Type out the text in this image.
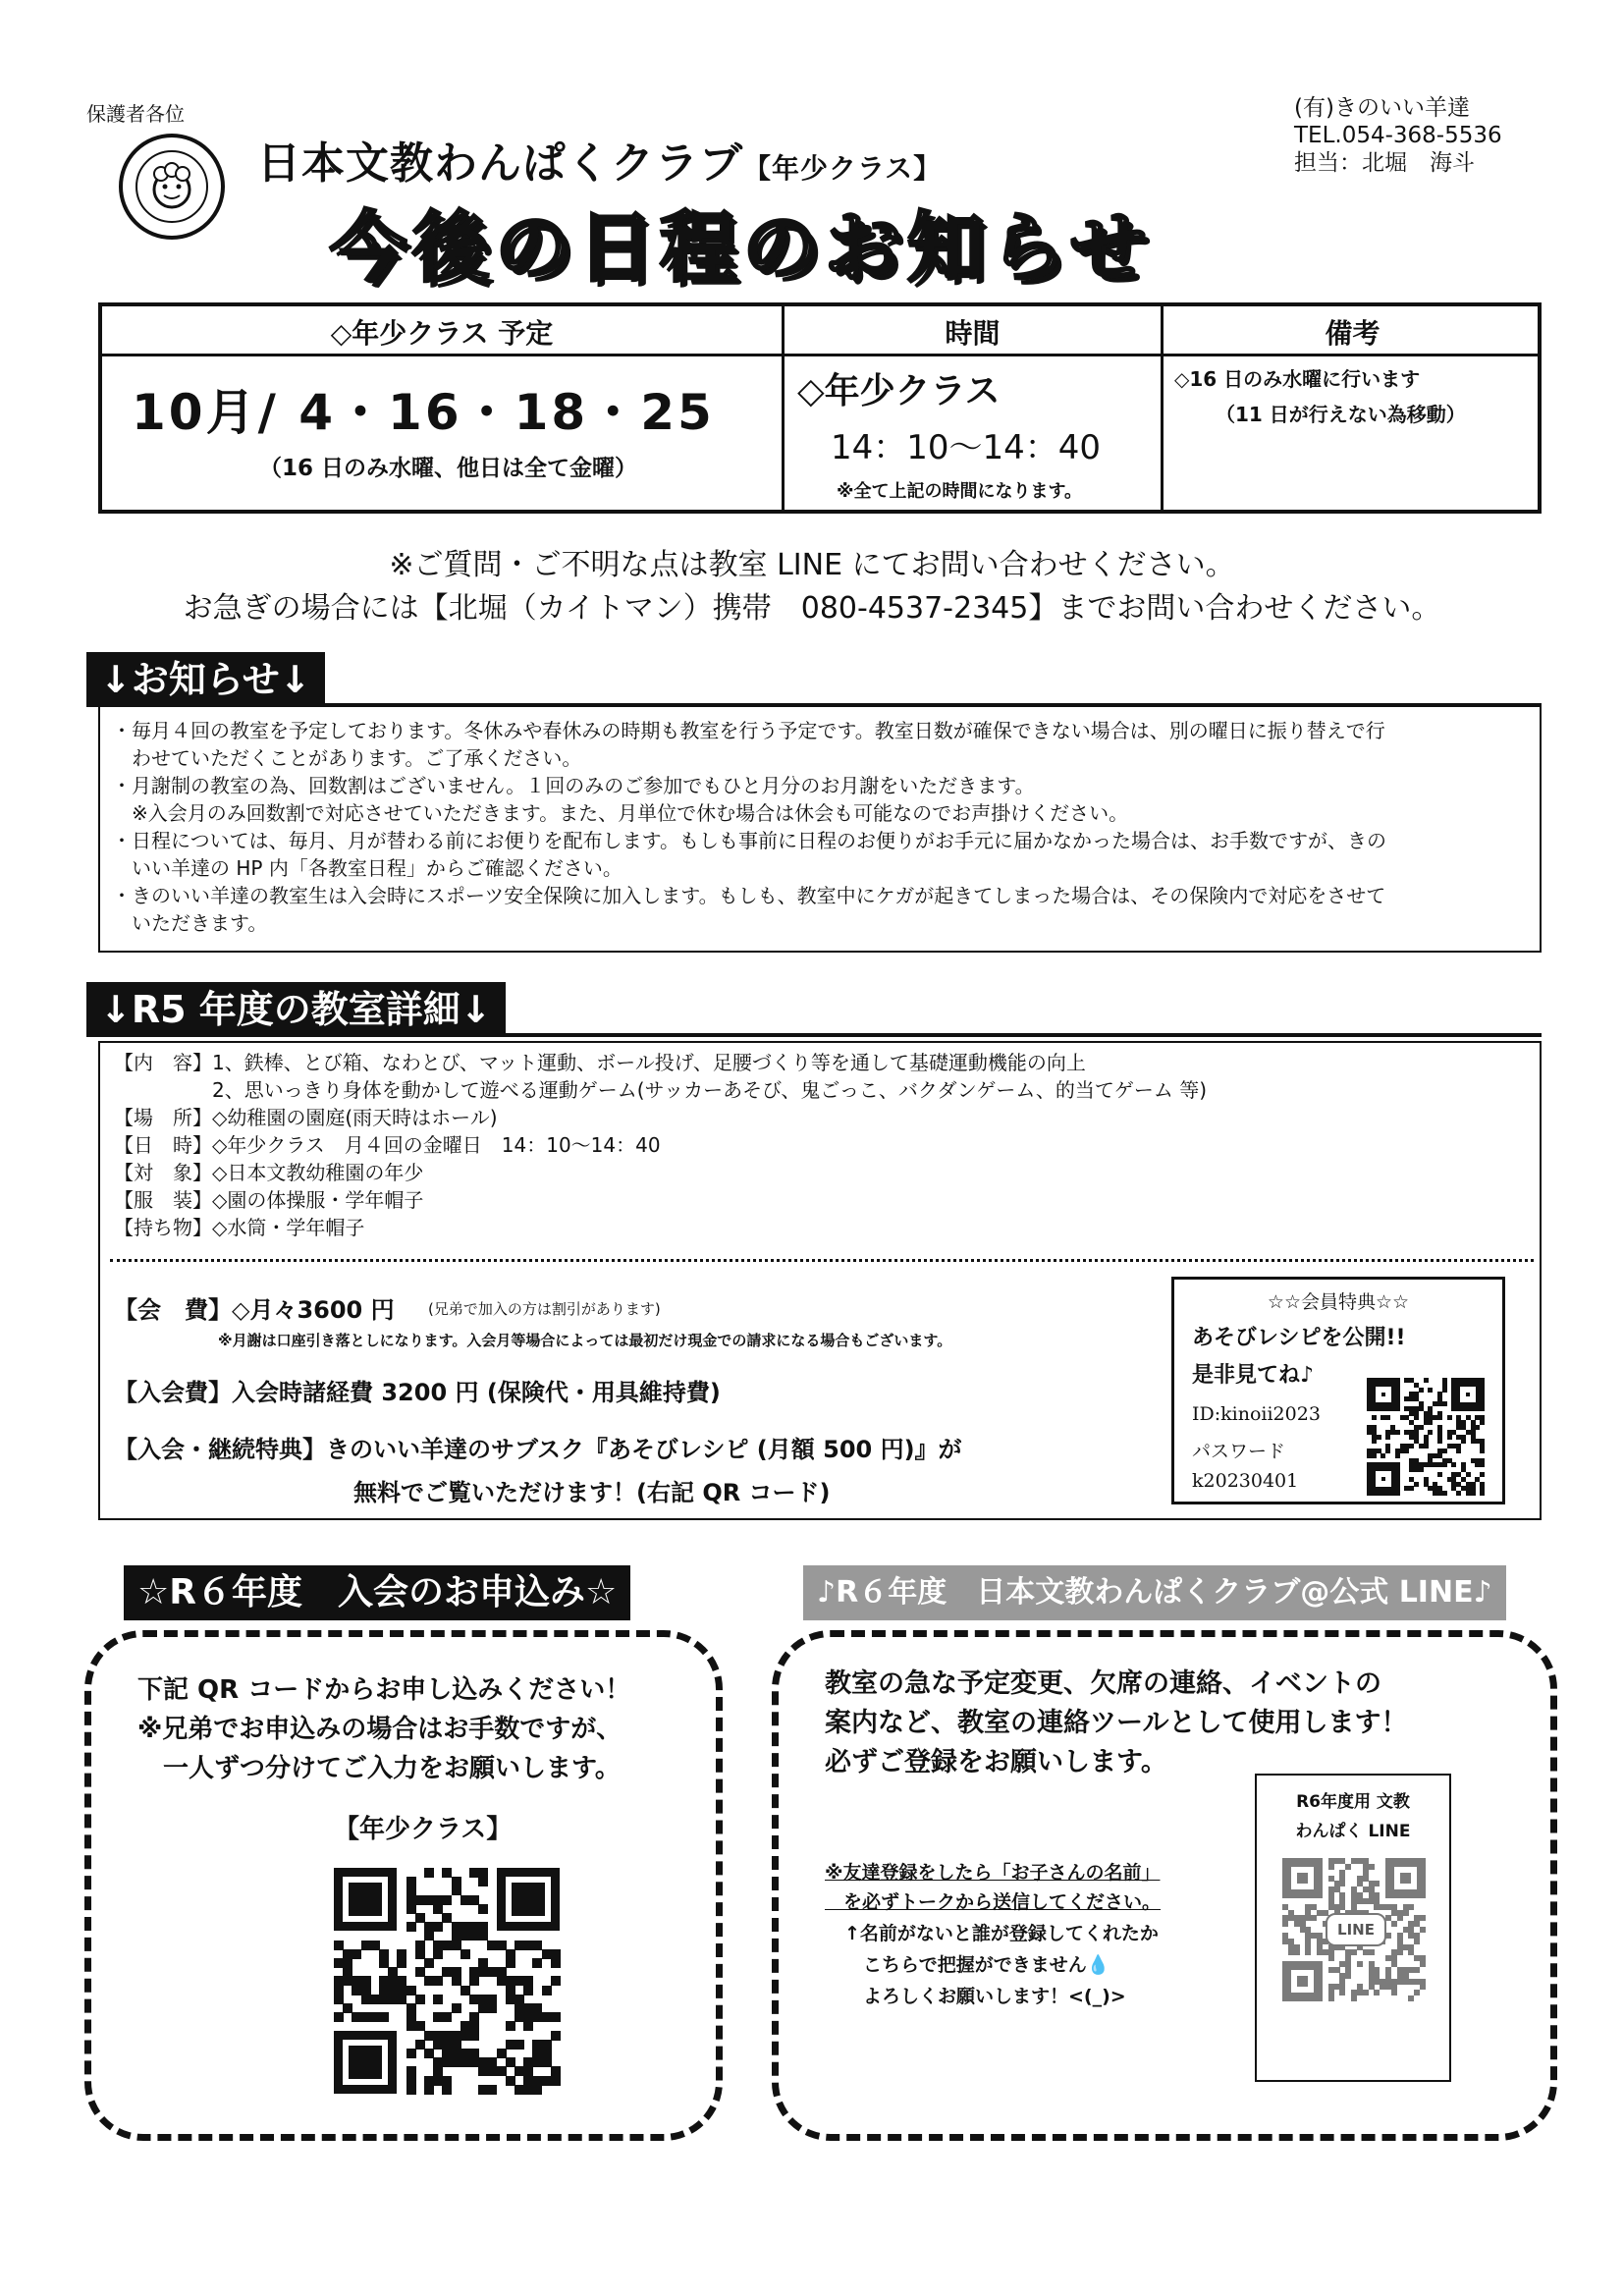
保護者各位
日本文教わんぱくクラブ【年少クラス】
今後の日程のお知らせ
(有)きのいい羊達
TEL.054-368-5536
担当：北堀　海斗
◇年少クラス 予定	時間	備考
10月/ 4・16・18・25
（16 日のみ水曜、他日は全て金曜）
◇年少クラス
14：10～14：40
※全て上記の時間になります。
◇16 日のみ水曜に行います
（11 日が行えない為移動）
※ご質問・ご不明な点は教室 LINE にてお問い合わせください。
お急ぎの場合には【北堀（カイトマン）携帯　080-4537-2345】までお問い合わせください。
↓お知らせ↓
・毎月４回の教室を予定しております。冬休みや春休みの時期も教室を行う予定です。教室日数が確保できない場合は、別の曜日に振り替えで行
　わせていただくことがあります。ご了承ください。
・月謝制の教室の為、回数割はございません。１回のみのご参加でもひと月分のお月謝をいただきます。
　※入会月のみ回数割で対応させていただきます。また、月単位で休む場合は休会も可能なのでお声掛けください。
・日程については、毎月、月が替わる前にお便りを配布します。もしも事前に日程のお便りがお手元に届かなかった場合は、お手数ですが、きの
　いい羊達の HP 内「各教室日程」からご確認ください。
・きのいい羊達の教室生は入会時にスポーツ安全保険に加入します。もしも、教室中にケガが起きてしまった場合は、その保険内で対応をさせて
　いただきます。
↓R5 年度の教室詳細↓
【内　容】1、鉄棒、とび箱、なわとび、マット運動、ボール投げ、足腰づくり等を通して基礎運動機能の向上
　　　　　2、思いっきり身体を動かして遊べる運動ゲーム(サッカーあそび、鬼ごっこ、バクダンゲーム、的当てゲーム 等)
【場　所】◇幼稚園の園庭(雨天時はホール)
【日　時】◇年少クラス　月４回の金曜日　14：10～14：40
【対　象】◇日本文教幼稚園の年少
【服　装】◇園の体操服・学年帽子
【持ち物】◇水筒・学年帽子
【会　費】◇月々3600 円 (兄弟で加入の方は割引があります)
※月謝は口座引き落としになります。入会月等場合によっては最初だけ現金での請求になる場合もございます。
【入会費】入会時諸経費 3200 円 (保険代・用具維持費)
【入会・継続特典】きのいい羊達のサブスク『あそびレシピ (月額 500 円)』が
無料でご覧いただけます！(右記 QR コード)
☆☆会員特典☆☆
あそびレシピを公開!!
是非見てね♪
ID:kinoii2023
パスワード
k20230401
☆R６年度　入会のお申込み☆
下記 QR コードからお申し込みください！
※兄弟でお申込みの場合はお手数ですが、
　一人ずつ分けてご入力をお願いします。
【年少クラス】
♪R６年度　日本文教わんぱくクラブ@公式 LINE♪
教室の急な予定変更、欠席の連絡、イベントの
案内など、教室の連絡ツールとして使用します！
必ずご登録をお願いします。
※友達登録をしたら「お子さんの名前」
　を必ずトークから送信してください。
↑名前がないと誰が登録してくれたか
　こちらで把握ができません💧
　よろしくお願いします！<(_)>
R6年度用 文教
わんぱく LINE
LINE
